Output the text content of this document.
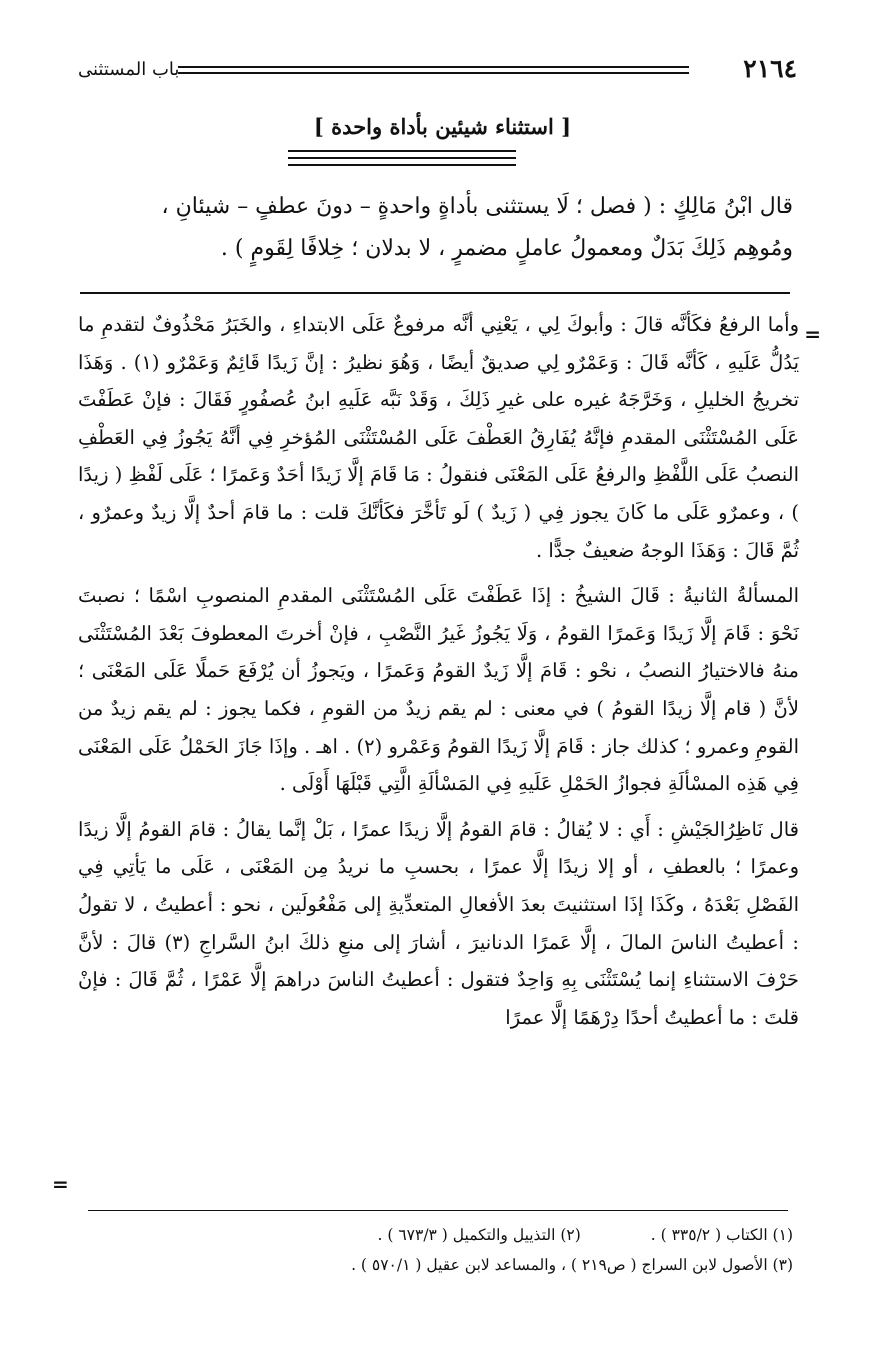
٢١٦٤
باب المستثنى
[ استثناء شيئين بأداة واحدة ]

قال ابْنُ مَالِكٍ : ( فصل ؛ لَا يستثنى بأداةٍ واحدةٍ – دونَ عطفٍ – شيئانِ ،

ومُوهِم ذَلِكَ بَدَلٌ ومعمولُ عاملٍ مضمرٍ ، لا بدلان ؛ خِلافًا لِقَومٍ ) .

=

وأما الرفعُ فكَأنَّه قالَ : وأبوكَ لِي ، يَعْنِي أنَّه مرفوعٌ عَلَى الابتداءِ ، والخَبَرُ مَحْذُوفٌ لتقدمِ ما يَدُلُّ عَلَيهِ ، كَأنَّه قَالَ : وَعَمْرٌو لِي صديقٌ أيضًا ، وَهُوَ نظيرُ : إنَّ زَيدًا قَائِمٌ وَعَمْرٌو (١) . وَهَذَا تخريجُ الخليلِ ، وَخَرَّجَهُ غيره على غيرِ ذَلِكَ ، وَقَدْ نَبَّه عَلَيهِ ابنُ عُصفُورٍ فَقَالَ : فإنْ عَطَفْتَ عَلَى المُسْتَثْنَى المقدمِ فإنَّهُ يُفَارِقُ العَطْفَ عَلَى المُسْتَثْنَى المُؤخرِ فِي أنَّهُ يَجُوزُ فِي العَطْفِ النصبُ عَلَى اللَّفْظِ والرفعُ عَلَى المَعْنَى فنقولُ : مَا قَامَ إلَّا زَيدًا أحَدٌ وَعَمرًا ؛ عَلَى لَفْظِ ( زيدًا ) ، وعمرٌو عَلَى ما كَانَ يجوز فِي ( زَيدٌ ) لَو تَأخَّرَ فكَأنَّكَ قلت : ما قامَ أحدٌ إلَّا زيدٌ وعمرٌو ، ثُمَّ قَالَ : وَهَذَا الوجهُ ضعيفٌ جدًّا .

المسألةُ الثانيةُ : قَالَ الشيخُ : إذَا عَطَفْتَ عَلَى المُسْتَثْنَى المقدمِ المنصوبِ اسْمًا ؛ نصبتَ نَحْوَ : قَامَ إلَّا زَيدًا وَعَمرًا القومُ ، وَلَا يَجُوزُ غَيرُ النَّصْبِ ، فإنْ أخرتَ المعطوفَ بَعْدَ المُسْتَثْنَى منهُ فالاختيارُ النصبُ ، نحْو : قَامَ إلَّا زَيدٌ القومُ وَعَمرًا ، ويَجوزُ أن يُرْفَعَ حَملًا عَلَى المَعْنَى ؛ لأنَّ ( قام إلَّا زيدًا القومُ ) في معنى : لم يقم زيدٌ من القومِ ، فكما يجوز : لم يقم زيدٌ من القومِ وعمرو ؛ كذلك جاز : قَامَ إلَّا زَيدًا القومُ وَعَمْرو (٢) . اهـ . وإذَا جَازَ الحَمْلُ عَلَى المَعْنَى فِي هَذِه المسْألَةِ فجوازُ الحَمْلِ عَلَيهِ فِي المَسْألَةِ الَّتِي قَبْلَهَا أَوْلَى .

قال نَاظِرُالجَيْشِ : أَي : لا يُقالُ : قامَ القومُ إلَّا زيدًا عمرًا ، بَلْ إنَّما يقالُ : قامَ القومُ إلَّا زيدًا وعمرًا ؛ بالعطفِ ، أو إلا زيدًا إلَّا عمرًا ، بحسبِ ما نريدُ مِن المَعْنَى ، عَلَى ما يَأتِي فِي الفَصْلِ بَعْدَهُ ، وكَذَا إذَا استثنيتَ بعدَ الأفعالِ المتعدِّيةِ إلى مَفْعُولَين ، نحو : أعطيتُ ، لا تقولُ : أعطيتُ الناسَ المالَ ، إلَّا عَمرًا الدنانيرَ ، أشارَ إلى منعِ ذلكَ ابنُ السَّراجِ (٣) قالَ : لأنَّ حَرْفَ الاستثناءِ إنما يُسْتَثْنَى بِهِ وَاحِدٌ فتقول : أعطيتُ الناسَ دراهمَ إلَّا عَمْرًا ، ثُمَّ قَالَ : فإنْ قلتَ : ما أعطيتُ أحدًا دِرْهَمًا إلَّا عمرًا

=
(١) الكتاب ( ٣٣٥/٢ ) .
(٢) التذييل والتكميل ( ٦٧٣/٣ ) .
(٣) الأصول لابن السراج ( ص٢١٩ ) ، والمساعد لابن عقيل ( ٥٧٠/١ ) .
